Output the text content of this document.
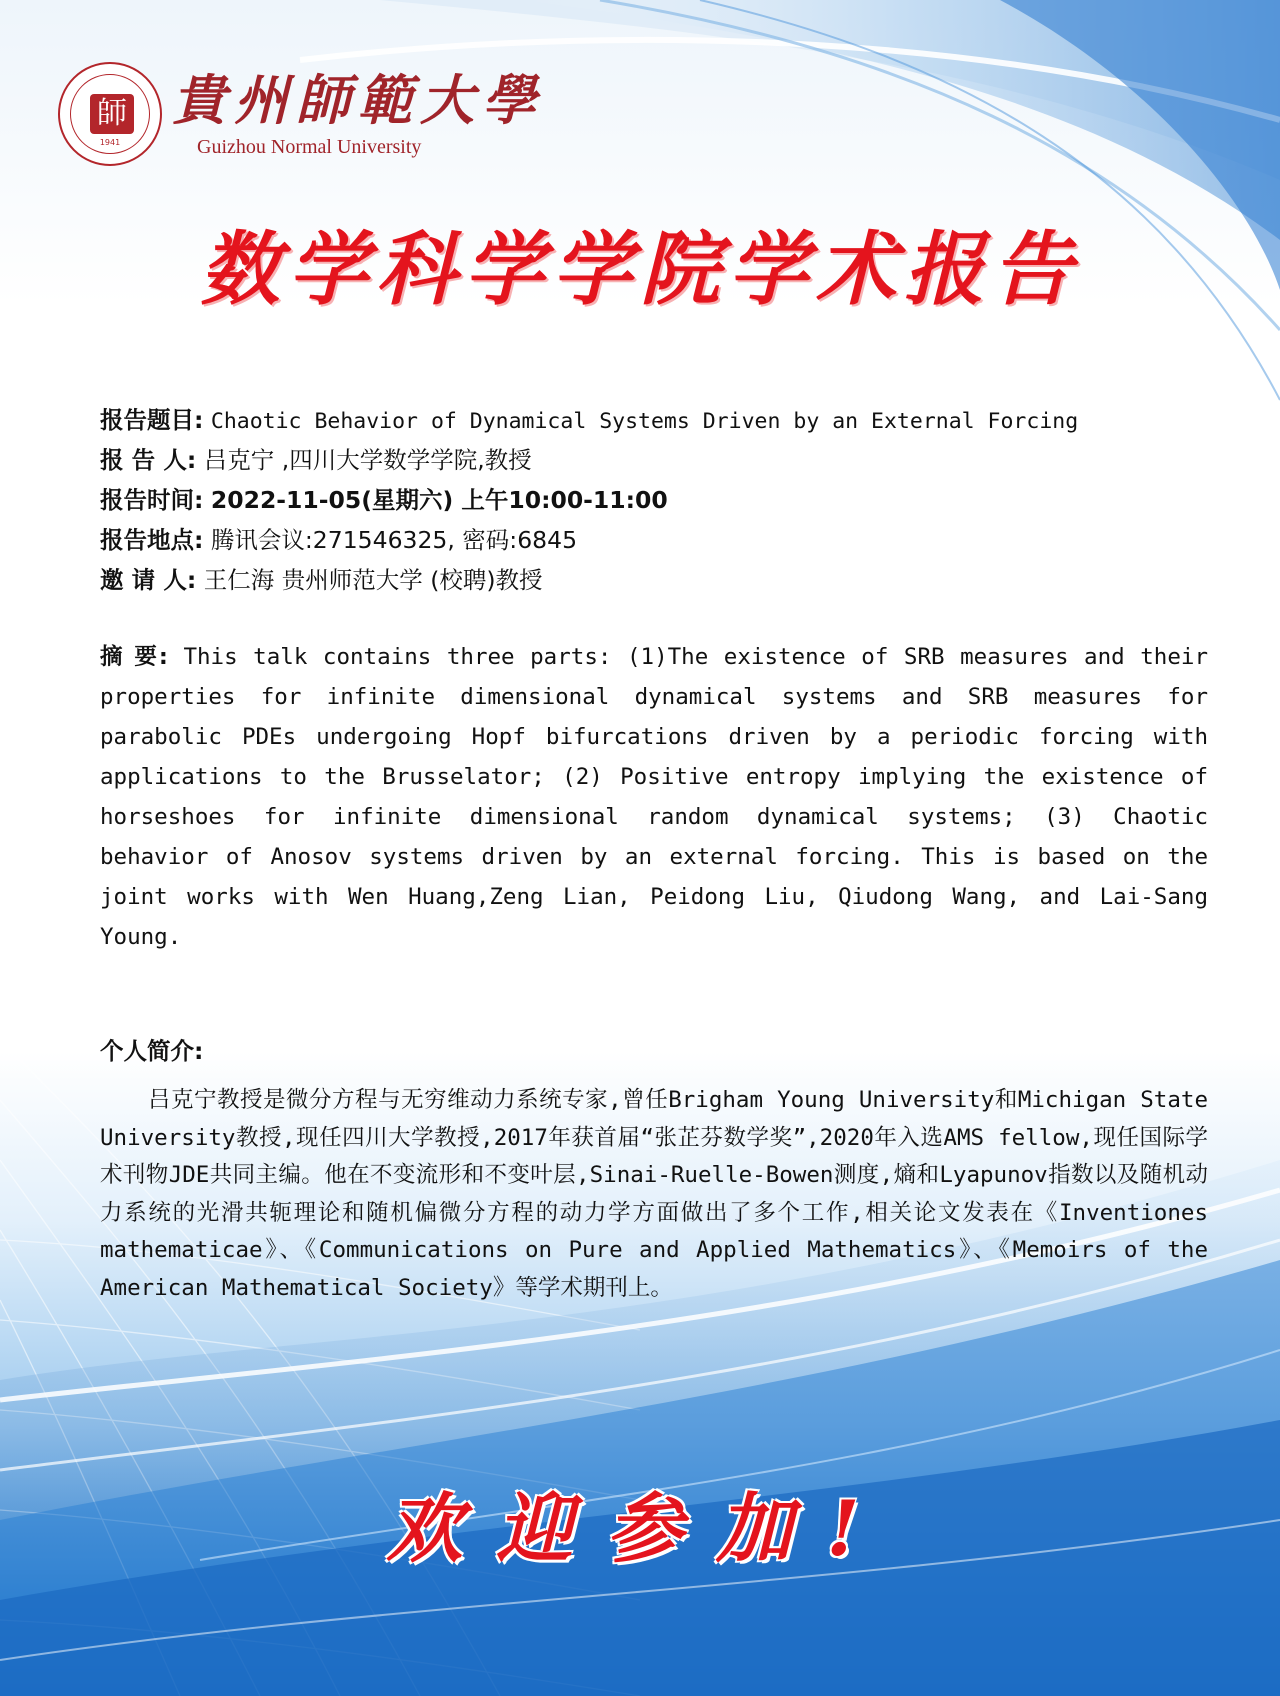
師
1941
貴州師範大學
Guizhou Normal University
数学科学学院学术报告
报告题目: Chaotic Behavior of Dynamical Systems Driven by an External Forcing
报 告 人: 吕克宁 ,四川大学数学学院,教授
报告时间: 2022-11-05(星期六) 上午10:00-11:00
报告地点: 腾讯会议:271546325, 密码:6845
邀 请 人: 王仁海 贵州师范大学 (校聘)教授
摘 要: This talk contains three parts: (1)The existence of SRB measures and their properties for infinite dimensional dynamical systems and SRB measures for parabolic PDEs undergoing Hopf bifurcations driven by a periodic forcing with applications to the Brusselator; (2) Positive entropy implying the existence of horseshoes for infinite dimensional random dynamical systems; (3) Chaotic behavior of Anosov systems driven by an external forcing. This is based on the joint works with Wen Huang,Zeng Lian, Peidong Liu, Qiudong Wang, and Lai-Sang Young.
个人简介:
吕克宁教授是微分方程与无穷维动力系统专家,曾任Brigham Young University和Michigan State University教授,现任四川大学教授,2017年获首届“张芷芬数学奖”,2020年入选AMS fellow,现任国际学术刊物JDE共同主编。他在不变流形和不变叶层,Sinai-Ruelle-Bowen测度,熵和Lyapunov指数以及随机动力系统的光滑共轭理论和随机偏微分方程的动力学方面做出了多个工作,相关论文发表在《Inventiones mathematicae》、《Communications on Pure and Applied Mathematics》、《Memoirs of the American Mathematical Society》等学术期刊上。
欢迎参加!
